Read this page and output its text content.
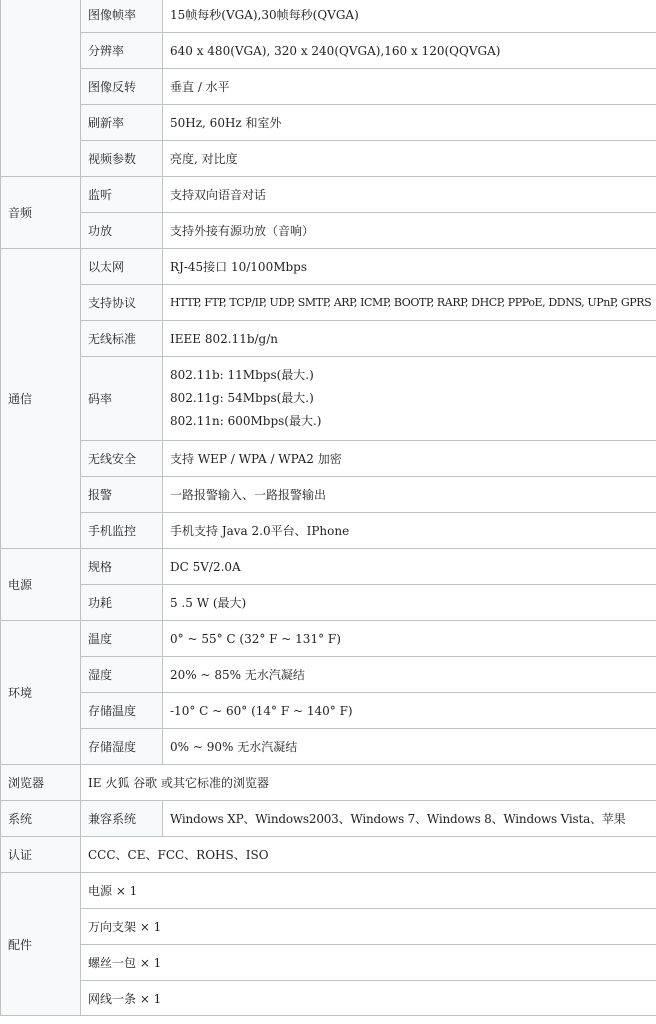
	图像帧率	15帧每秒(VGA),30帧每秒(QVGA)
	分辨率	640 x 480(VGA), 320 x 240(QVGA),160 x 120(QQVGA)
	图像反转	垂直 / 水平
	刷新率	50Hz, 60Hz 和室外
	视频参数	亮度, 对比度
音频	监听	支持双向语音对话
	功放	支持外接有源功放（音响）
通信	以太网	RJ-45接口 10/100Mbps
	支持协议	HTTP, FTP, TCP/IP, UDP, SMTP, ARP, ICMP, BOOTP, RARP, DHCP, PPPoE, DDNS, UPnP, GPRS
	无线标准	IEEE 802.11b/g/n
	码率	802.11b: 11Mbps(最大.)
802.11g: 54Mbps(最大.)
802.11n: 600Mbps(最大.)

	无线安全	支持 WEP / WPA / WPA2 加密
	报警	一路报警输入、一路报警输出
	手机监控	手机支持 Java 2.0平台、IPhone
电源	规格	DC 5V/2.0A
	功耗	5 .5 W (最大)
环境	温度	0° ~ 55° C (32° F ~ 131° F)
	湿度	20% ~ 85% 无水汽凝结
	存储温度	-10° C ~ 60° (14° F ~ 140° F)
	存储湿度	0% ~ 90% 无水汽凝结
浏览器	IE 火狐 谷歌 或其它标准的浏览器	
系统	兼容系统	Windows XP、Windows2003、Windows 7、Windows 8、Windows Vista、苹果
认证	CCC、CE、FCC、ROHS、ISO	
配件	电源 × 1	
	万向支架 × 1	
	螺丝一包 × 1	
	网线一条 × 1	
